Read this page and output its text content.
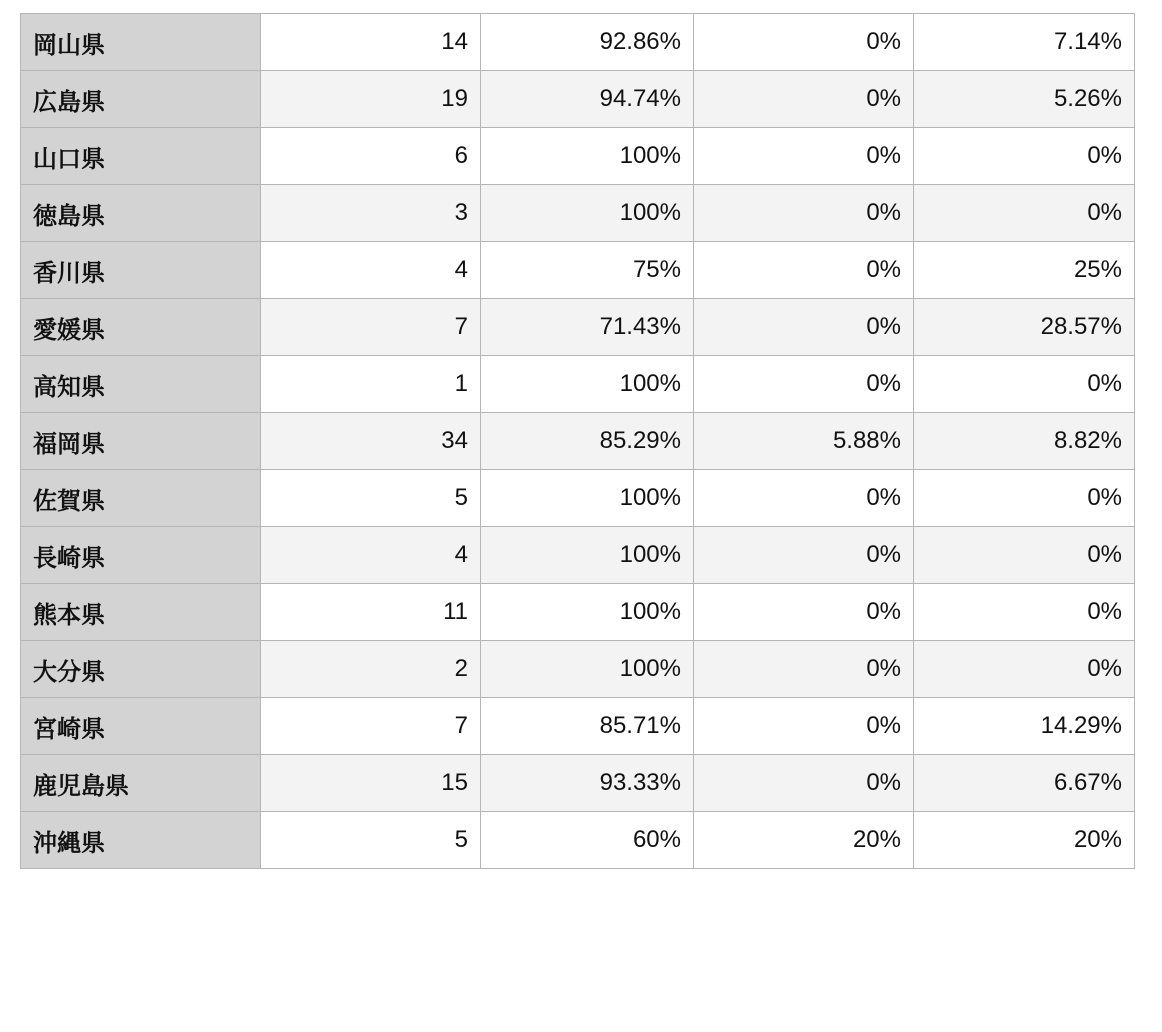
岡山県	14	92.86%	0%	7.14%
広島県	19	94.74%	0%	5.26%
山口県	6	100%	0%	0%
徳島県	3	100%	0%	0%
香川県	4	75%	0%	25%
愛媛県	7	71.43%	0%	28.57%
高知県	1	100%	0%	0%
福岡県	34	85.29%	5.88%	8.82%
佐賀県	5	100%	0%	0%
長崎県	4	100%	0%	0%
熊本県	11	100%	0%	0%
大分県	2	100%	0%	0%
宮崎県	7	85.71%	0%	14.29%
鹿児島県	15	93.33%	0%	6.67%
沖縄県	5	60%	20%	20%
